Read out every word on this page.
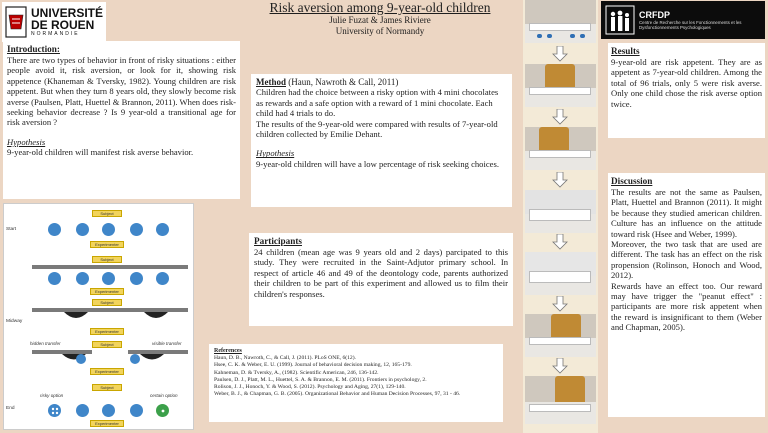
UNIVERSITÉ
DE ROUEN
NORMANDIE
Risk aversion among 9-year-old children
Julie Fuzat & James Riviere
University of Normandy
CRFDP
Centre de Recherche sur les Fonctionnements et les Dysfonctionnements Psychologiques
Introduction:
There are two types of behavior in front of risky situations : either people avoid it, risk aversion, or look for it, showing risk appetence (Khaneman & Tversky, 1982). Young children are risk appetent. But when they turn 8 years old, they slowly become risk averse (Paulsen, Platt, Huettel & Brannon, 2011). When does risk-seeking behavior decrease ? Is 9 year-old a transitional age for risk aversion ?
Hypothesis
9-year-old children will manifest risk averse behavior.
Method (Haun, Nawroth & Call, 2011)
Children had the choice between a risky option with 4 mini chocolates as rewards and a safe option with a reward of 1 mini chocolate. Each child had 4 trials to do.
The results of the 9-year-old were compared with results of 7-year-old children collected by Emilie Dehant.
Hypothesis
9-year-old children will have a low percentage of risk seeking choices.
Participants
24 children (mean age was 9 years old and 2 days) parcipated to this study. They were recruited in the Saint-Adjutor primary school. In respect of article 46 and 49 of the deontology code, parents authorized their children to be part of this experiment and allowed us to film their children's responses.
References
Haun, D. B., Nawroth, C., & Call, J. (2011). PLoS ONE, 6(12).
Hsee, C. K. & Weber, E. U. (1999). Journal of behavioral decision making, 12, 165-179.
Kahneman, D. & Tversky, A., (1982). Scientific American, 246, 136-142.
Paulsen, D. J., Platt, M. L., Huettel, S. A. & Brannon, E. M. (2011). Frontiers in psychology, 2.
Rolison, J. J., Honoch, Y. & Wood, S. (2012). Psychology and Aging, 27(1), 129-140.
Weber, B. J., & Chapman, G. B. (2005). Organizational Behavior and Human Decision Processes, 97, 31 - 46.
Results
9-year-old are risk appetent. They are as appetent as 7-year-old children. Among the total of 96 trials, only 5 were risk averse. Only one child chose the risk averse option twice.
Discussion
The results are not the same as Paulsen, Platt, Huettel and Brannon (2011). It might be because they studied american children. Culture has an influence on the attitude toward risk (Hsee and Weber, 1999).
Moreover, the two task that are used are different. The task has an effect on the risk propension (Rolinson, Honoch and Wood, 2012).
Rewards have an effect too. Our reward may have trigger the "peanut effect" : participants are more risk appetent when the reward is insignificant to them (Weber and Chapman, 2005).
Start
Subject
Experimenter
Subject
Experimenter
Midway
Subject
Experimenter
hidden transfer	visible transfer
Subject
Experimenter
End
risky option	certain option
Subject
Experimenter
